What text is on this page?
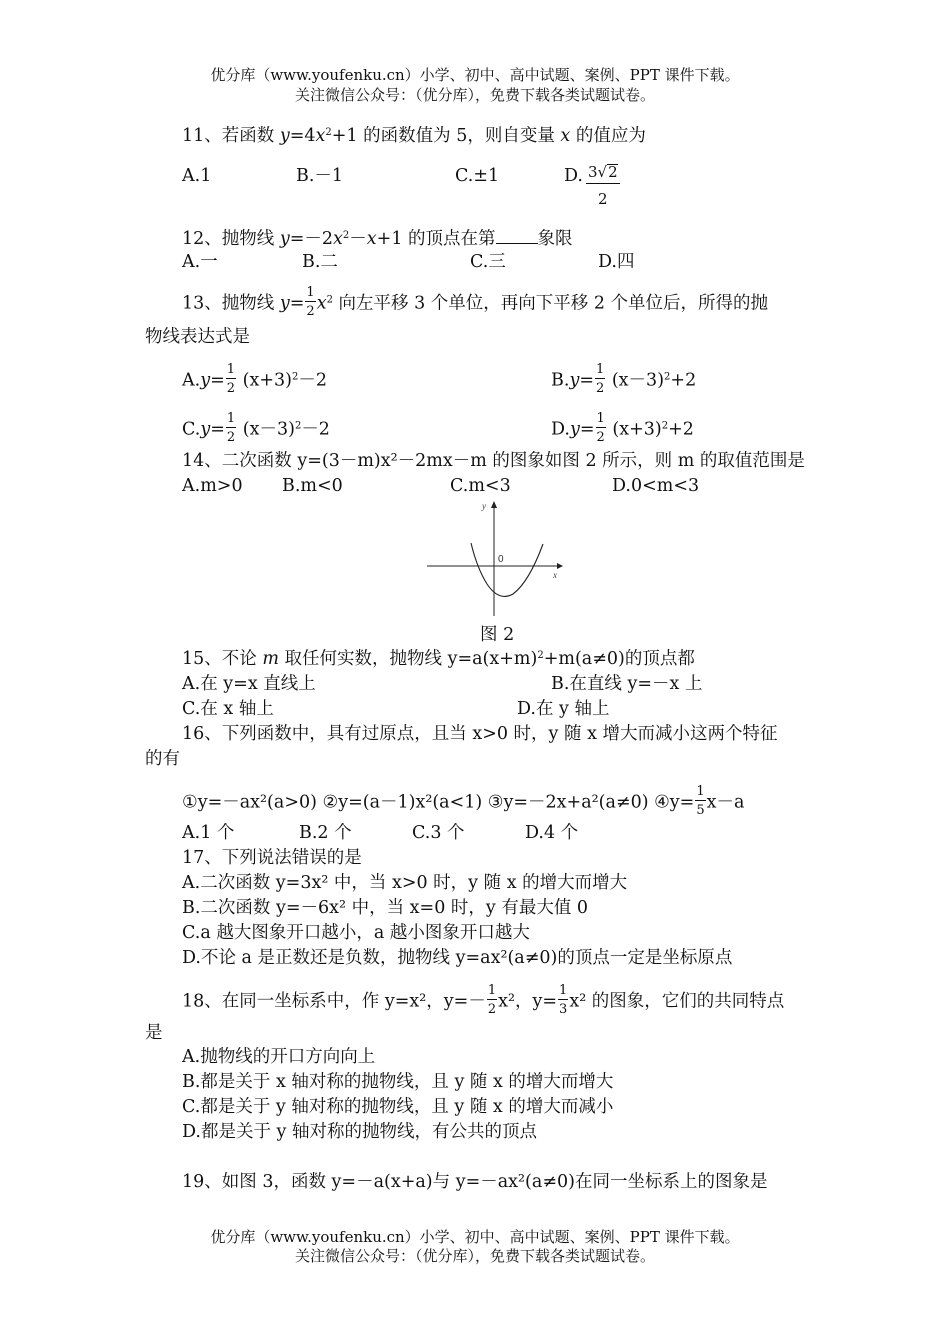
优分库（www.youfenku.cn）小学、初中、高中试题、案例、PPT 课件下载。
关注微信公众号：（优分库），免费下载各类试题试卷。
11、若函数 $y=4x^2+1$ 的函数值为 5，则自变量 x 的值应为
A.1	B.－1	C.±1	D. 3√2
2
12、抛物线 $y=-2x^2-x+1$ 的顶点在第 象限
A.一	B.二	C.三	D.四
13、抛物线 $y= \frac{1}{2} x^2$ 向左平移 3 个单位，再向下平移 2 个单位后，所得的抛
物线表达式是
$A.y= \frac{1}{2} (x+3)^2-2$	$B.y= \frac{1}{2} (x-3)^2+2$
$C.y= \frac{1}{2} (x-3)^2-2$	$D.y= \frac{1}{2} (x+3)^2+2$
14、二次函数 y=(3－m)x²－2mx－m 的图象如图 2 所示，则 m 的取值范围是
A.m>0 B.m<0	C.m<3	D.0<m<3
y
x
0
图 2
15、不论 m 取任何实数，抛物线 $y=a(x+m)^2+m(a\ne 0)$的顶点都
A.在 y=x 直线上	B.在直线 y=－x 上
C.在 x 轴上	D.在 y 轴上
16、下列函数中，具有过原点，且当 x>0 时，y 随 x 增大而减小这两个特征
的有
①y=－ax²(a>0) ②y=(a－1)x²(a<1) ③y=－2x+a²(a≠0) ④y= $\frac{1}{5} x-a$
A.1 个	B.2 个	C.3 个	D.4 个
17、下列说法错误的是
A.二次函数 y=3x² 中，当 x>0 时，y 随 x 的增大而增大
B.二次函数 y=－6x² 中，当 x=0 时，y 有最大值 0
C.a 越大图象开口越小，a 越小图象开口越大
D.不论 a 是正数还是负数，抛物线 y=ax²(a≠0)的顶点一定是坐标原点
18、在同一坐标系中，作 y=x²，$y=- \frac{1}{2} x^2$，$y= \frac{1}{3} x^2$ 的图象，它们的共同特点
是
A.抛物线的开口方向向上
B.都是关于 x 轴对称的抛物线，且 y 随 x 的增大而增大
C.都是关于 y 轴对称的抛物线，且 y 随 x 的增大而减小
D.都是关于 y 轴对称的抛物线，有公共的顶点
19、如图 3，函数 y=－a(x+a)与 y=－ax²(a≠0)在同一坐标系上的图象是
优分库（www.youfenku.cn）小学、初中、高中试题、案例、PPT 课件下载。
关注微信公众号：（优分库），免费下载各类试题试卷。
